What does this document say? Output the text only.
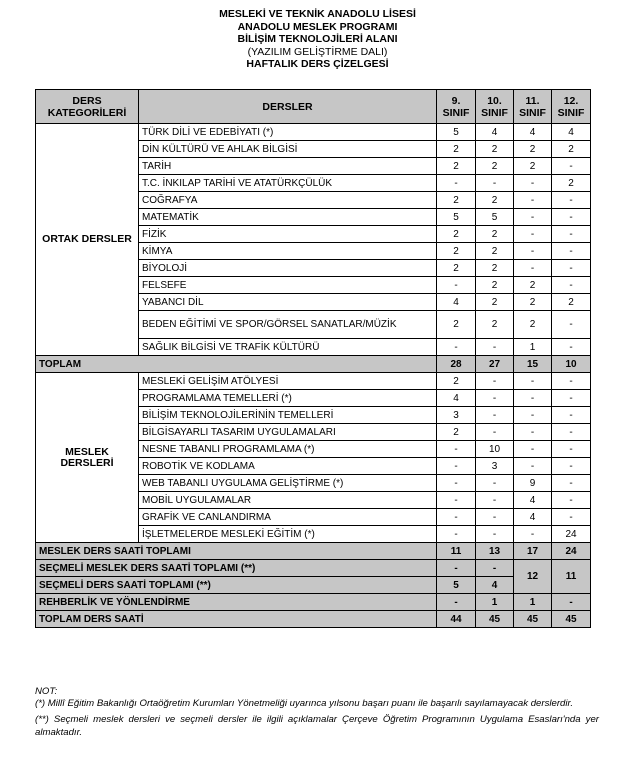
MESLEKİ VE TEKNİK ANADOLU LİSESİ
ANADOLU MESLEK PROGRAMI
BİLİŞİM TEKNOLOJİLERİ ALANI
(YAZILIM GELİŞTİRME DALI)
HAFTALIK DERS ÇİZELGESİ
DERS KATEGORİLERİ	DERSLER	9. SINIF	10. SINIF	11. SINIF	12. SINIF
ORTAK DERSLER	TÜRK DİLİ VE EDEBİYATI (*)	5	4	4	4
	DİN KÜLTÜRÜ VE AHLAK BİLGİSİ	2	2	2	2
	TARİH	2	2	2	-
	T.C. İNKILAP TARİHİ VE ATATÜRKÇÜLÜK	-	-	-	2
	COĞRAFYA	2	2	-	-
	MATEMATİK	5	5	-	-
	FİZİK	2	2	-	-
	KİMYA	2	2	-	-
	BİYOLOJİ	2	2	-	-
	FELSEFE	-	2	2	-
	YABANCI DİL	4	2	2	2
	BEDEN EĞİTİMİ VE SPOR/GÖRSEL SANATLAR/MÜZİK	2	2	2	-
	SAĞLIK BİLGİSİ VE TRAFİK KÜLTÜRÜ	-	-	1	-
TOPLAM		28	27	15	10
MESLEK DERSLERİ	MESLEKİ GELİŞİM ATÖLYESİ	2	-	-	-
	PROGRAMLAMA TEMELLERİ (*)	4	-	-	-
	BİLİŞİM TEKNOLOJİLERİNİN TEMELLERİ	3	-	-	-
	BİLGİSAYARLI TASARIM UYGULAMALARI	2	-	-	-
	NESNE TABANLI PROGRAMLAMA (*)	-	10	-	-
	ROBOTİK VE KODLAMA	-	3	-	-
	WEB TABANLI UYGULAMA GELİŞTİRME (*)	-	-	9	-
	MOBİL UYGULAMALAR	-	-	4	-
	GRAFİK VE CANLANDIRMA	-	-	4	-
	İŞLETMELERDE MESLEKİ EĞİTİM (*)	-	-	-	24
MESLEK DERS SAATİ TOPLAMI		11	13	17	24
SEÇMELİ MESLEK DERS SAATİ TOPLAMI (**)		-	-	12	11
SEÇMELİ DERS SAATİ TOPLAMI (**)		5	4		
REHBERLİK VE YÖNLENDİRME		-	1	1	-
TOPLAM DERS SAATİ		44	45	45	45

NOT:

(*) Millî Eğitim Bakanlığı Ortaöğretim Kurumları Yönetmeliği uyarınca yılsonu başarı puanı ile başarılı sayılamayacak derslerdir.

(**) Seçmeli meslek dersleri ve seçmeli dersler ile ilgili açıklamalar Çerçeve Öğretim Programının Uygulama Esasları'nda yer almaktadır.
